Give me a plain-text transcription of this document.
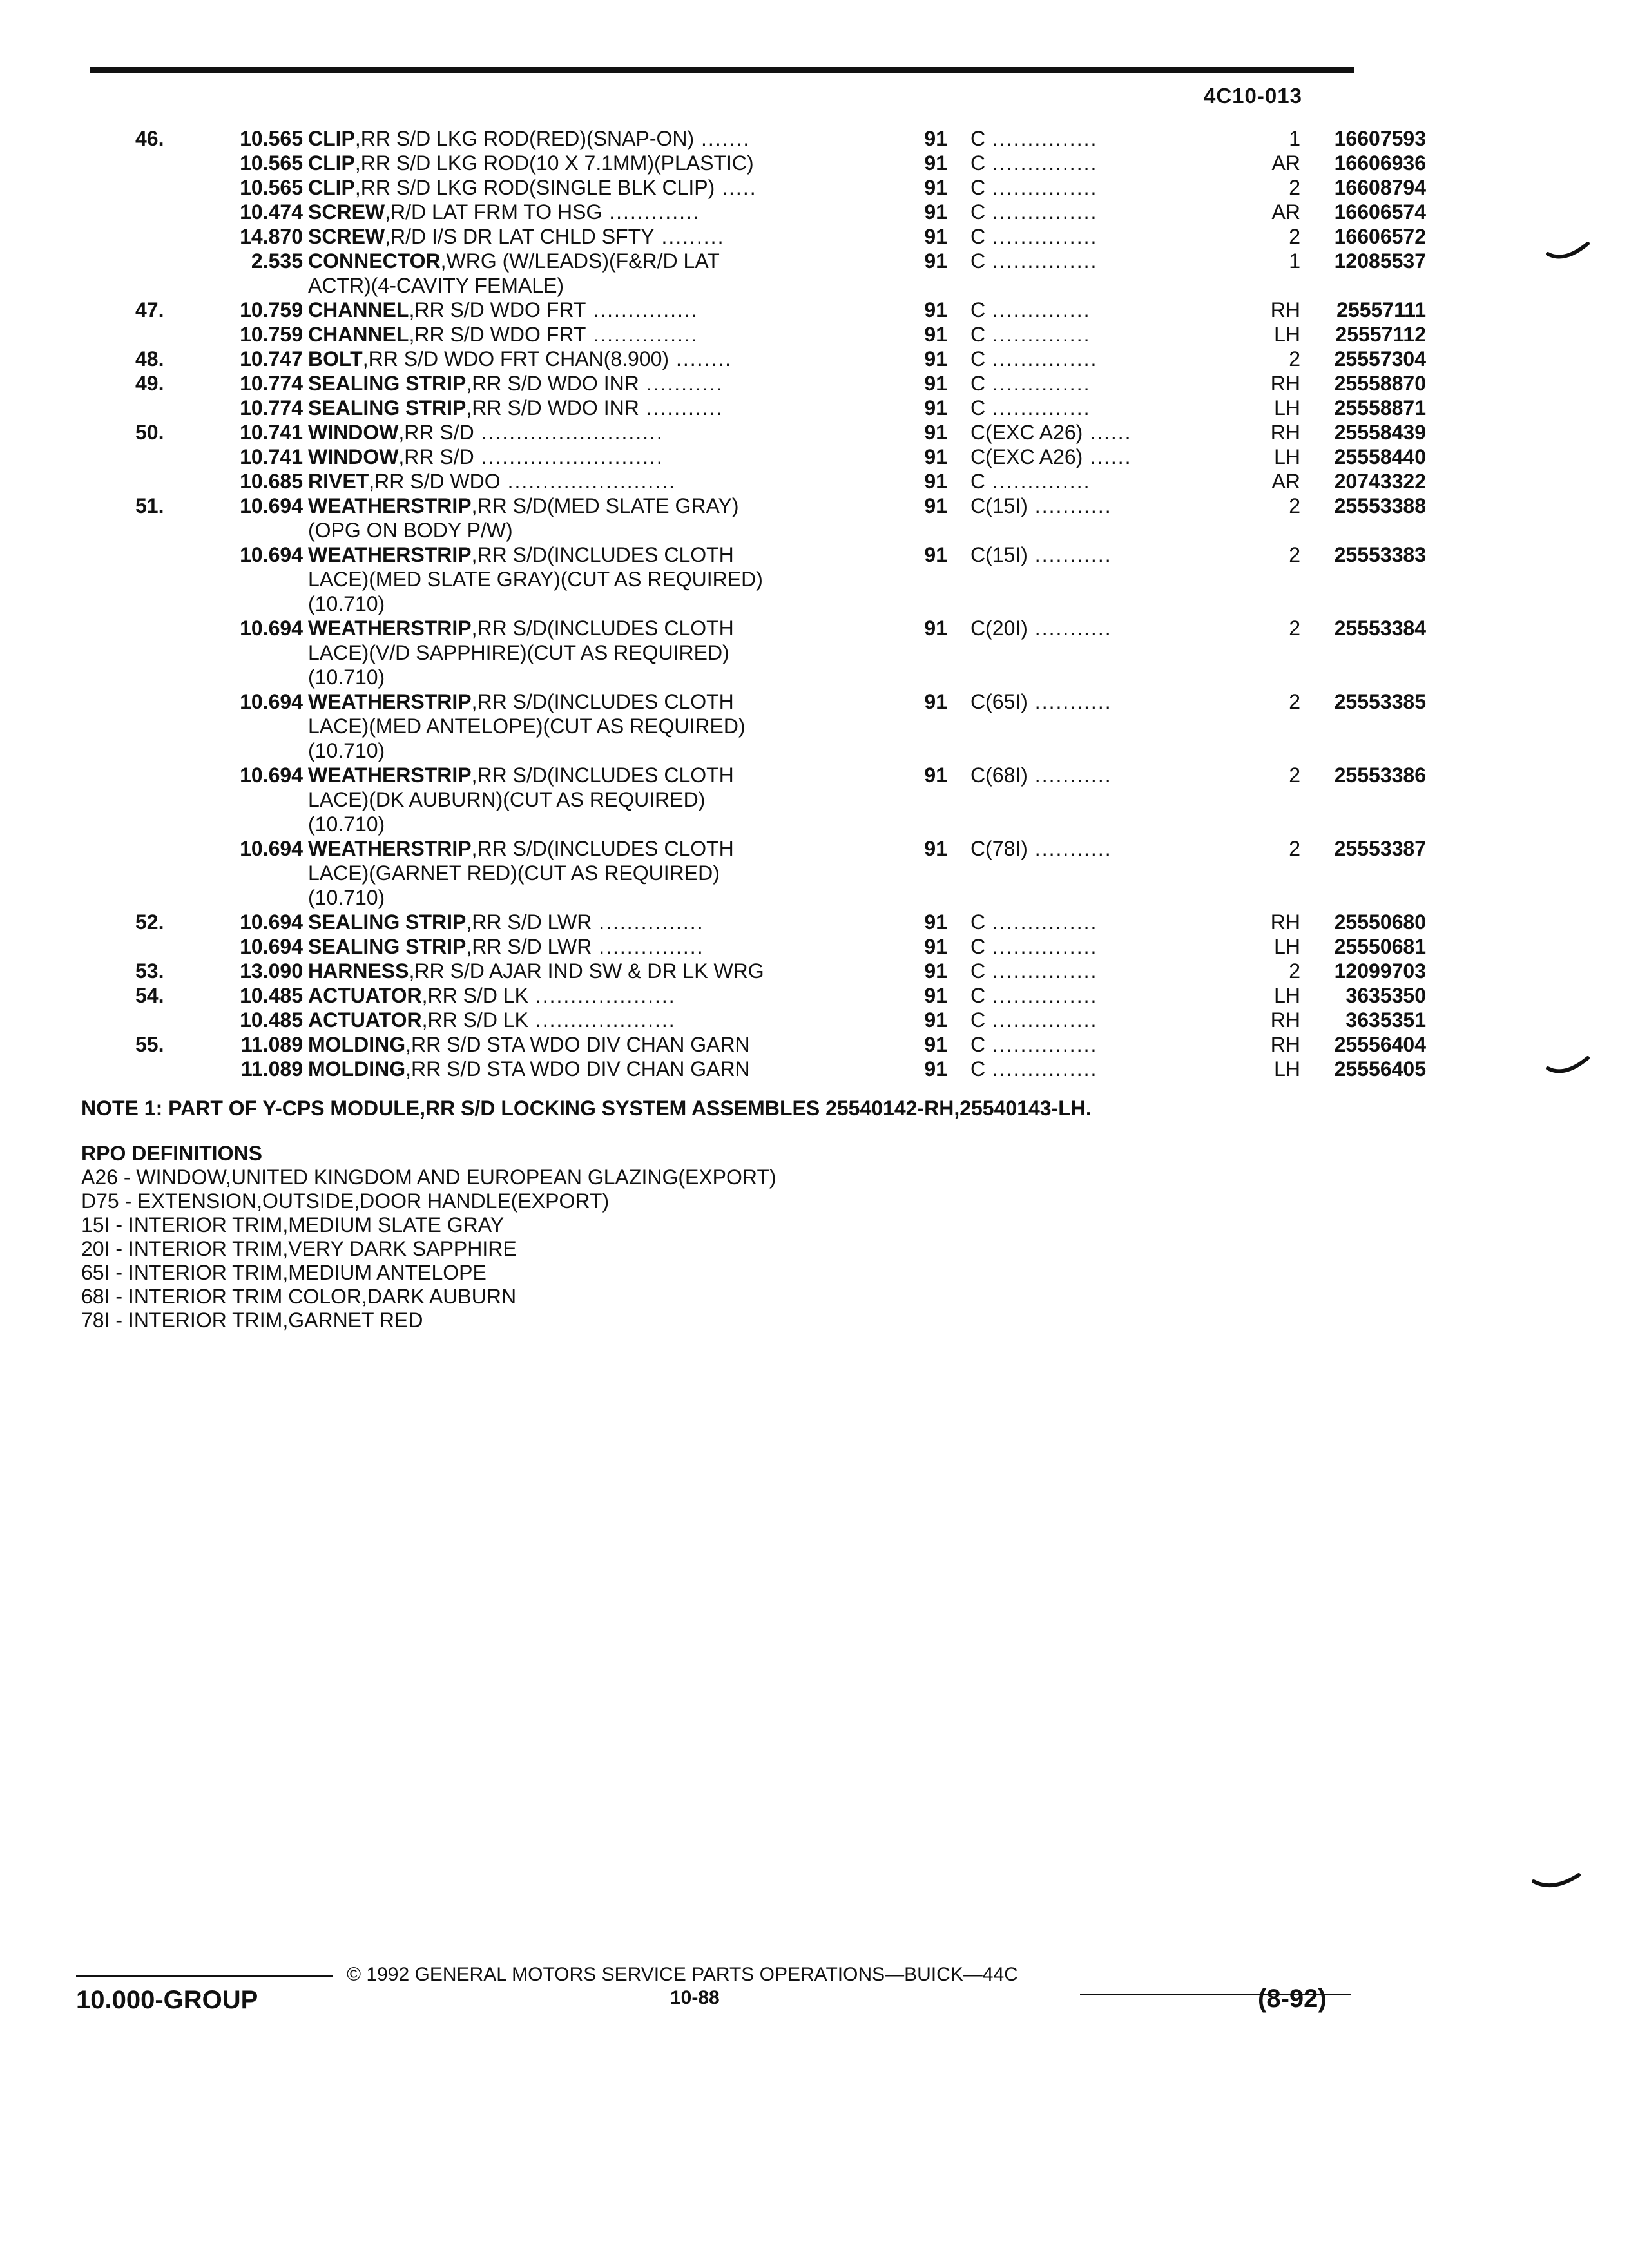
4C10-013
46.	10.565 CLIP,RR S/D LKG ROD(RED)(SNAP-ON) .......	91 C ...............	1	16607593
10.565 CLIP,RR S/D LKG ROD(10 X 7.1MM)(PLASTIC)	91 C ...............	AR	16606936
10.565 CLIP,RR S/D LKG ROD(SINGLE BLK CLIP) .....	91 C ...............	2	16608794
10.474 SCREW,R/D LAT FRM TO HSG .............	91 C ...............	AR	16606574
14.870 SCREW,R/D I/S DR LAT CHLD SFTY .........	91 C ...............	2	16606572
2.535 CONNECTOR,WRG (W/LEADS)(F&R/D LAT	91 C ...............	1	12085537
ACTR)(4-CAVITY FEMALE)
47.	10.759 CHANNEL,RR S/D WDO FRT ...............	91 C ..............	RH	25557111
10.759 CHANNEL,RR S/D WDO FRT ...............	91 C ..............	LH	25557112
48.	10.747 BOLT,RR S/D WDO FRT CHAN(8.900) ........	91 C ...............	2	25557304
49.	10.774 SEALING STRIP,RR S/D WDO INR ...........	91 C ..............	RH	25558870
10.774 SEALING STRIP,RR S/D WDO INR ...........	91 C ..............	LH	25558871
50.	10.741 WINDOW,RR S/D ..........................	91 C(EXC A26) ......	RH	25558439
10.741 WINDOW,RR S/D ..........................	91 C(EXC A26) ......	LH	25558440
10.685 RIVET,RR S/D WDO ........................	91 C ..............	AR	20743322
51.	10.694 WEATHERSTRIP,RR S/D(MED SLATE GRAY)	91 C(15I) ...........	2	25553388
(OPG ON BODY P/W)
10.694 WEATHERSTRIP,RR S/D(INCLUDES CLOTH	91 C(15I) ...........	2	25553383
LACE)(MED SLATE GRAY)(CUT AS REQUIRED)
(10.710)
10.694 WEATHERSTRIP,RR S/D(INCLUDES CLOTH	91 C(20I) ...........	2	25553384
LACE)(V/D SAPPHIRE)(CUT AS REQUIRED)
(10.710)
10.694 WEATHERSTRIP,RR S/D(INCLUDES CLOTH	91 C(65I) ...........	2	25553385
LACE)(MED ANTELOPE)(CUT AS REQUIRED)
(10.710)
10.694 WEATHERSTRIP,RR S/D(INCLUDES CLOTH	91 C(68I) ...........	2	25553386
LACE)(DK AUBURN)(CUT AS REQUIRED)
(10.710)
10.694 WEATHERSTRIP,RR S/D(INCLUDES CLOTH	91 C(78I) ...........	2	25553387
LACE)(GARNET RED)(CUT AS REQUIRED)
(10.710)
52.	10.694 SEALING STRIP,RR S/D LWR ...............	91 C ...............	RH	25550680
10.694 SEALING STRIP,RR S/D LWR ...............	91 C ...............	LH	25550681
53.	13.090 HARNESS,RR S/D AJAR IND SW & DR LK WRG	91 C ...............	2	12099703
54.	10.485 ACTUATOR,RR S/D LK ....................	91 C ...............	LH	3635350
10.485 ACTUATOR,RR S/D LK ....................	91 C ...............	RH	3635351
55.	11.089 MOLDING,RR S/D STA WDO DIV CHAN GARN	91 C ...............	RH	25556404
11.089 MOLDING,RR S/D STA WDO DIV CHAN GARN	91 C ...............	LH	25556405
NOTE 1: PART OF Y-CPS MODULE,RR S/D LOCKING SYSTEM ASSEMBLES 25540142-RH,25540143-LH.
RPO DEFINITIONS
A26 - WINDOW,UNITED KINGDOM AND EUROPEAN GLAZING(EXPORT)
D75 - EXTENSION,OUTSIDE,DOOR HANDLE(EXPORT)
15I - INTERIOR TRIM,MEDIUM SLATE GRAY
20I - INTERIOR TRIM,VERY DARK SAPPHIRE
65I - INTERIOR TRIM,MEDIUM ANTELOPE
68I - INTERIOR TRIM COLOR,DARK AUBURN
78I - INTERIOR TRIM,GARNET RED
© 1992 GENERAL MOTORS SERVICE PARTS OPERATIONS—BUICK—44C
10.000-GROUP	10-88	(8-92)
